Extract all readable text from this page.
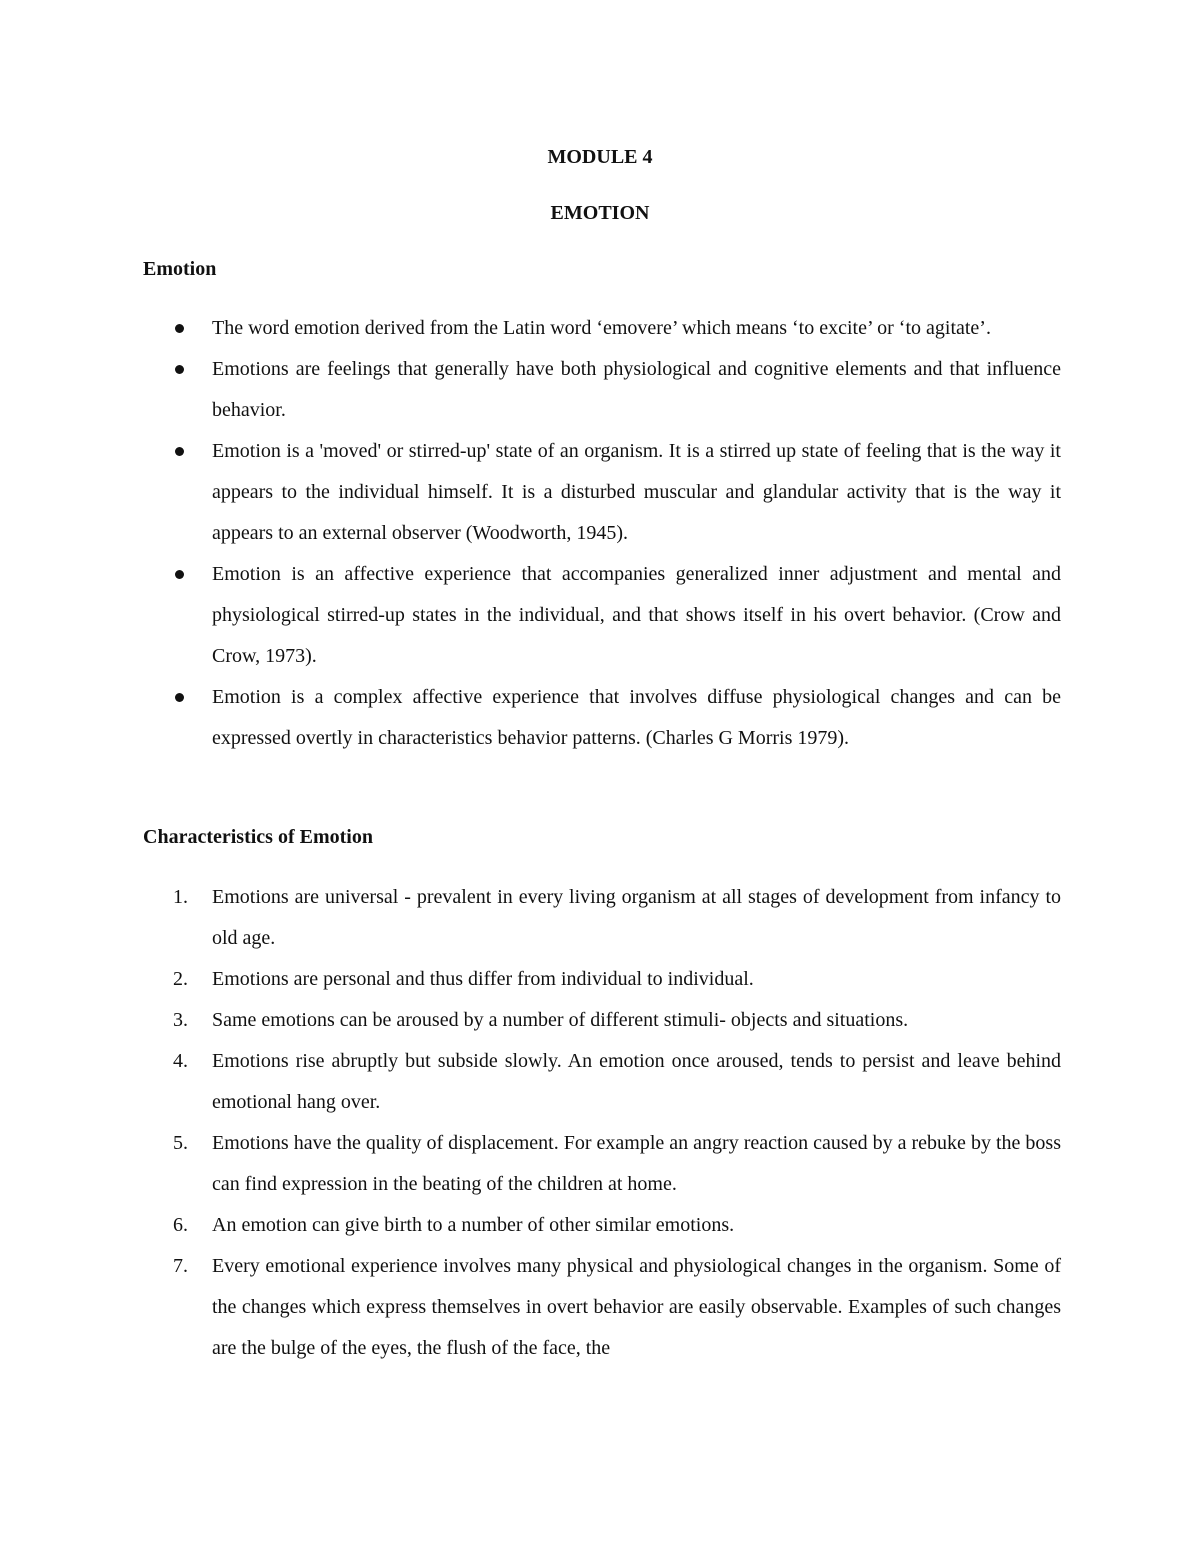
MODULE 4
EMOTION
Emotion
The word emotion derived from the Latin word ‘emovere’ which means ‘to excite’ or ‘to agitate’.
Emotions are feelings that generally have both physiological and cognitive elements and that influence behavior.
Emotion is a 'moved' or stirred-up' state of an organism. It is a stirred up state of feeling that is the way it appears to the individual himself. It is a disturbed muscular and glandular activity that is the way it appears to an external observer (Woodworth, 1945).
Emotion is an affective experience that accompanies generalized inner adjustment and mental and physiological stirred-up states in the individual, and that shows itself in his overt behavior. (Crow and Crow, 1973).
Emotion is a complex affective experience that involves diffuse physiological changes and can be expressed overtly in characteristics behavior patterns. (Charles G Morris 1979).
Characteristics of Emotion
1. Emotions are universal - prevalent in every living organism at all stages of development from infancy to old age.
2. Emotions are personal and thus differ from individual to individual.
3. Same emotions can be aroused by a number of different stimuli- objects and situations.
4. Emotions rise abruptly but subside slowly. An emotion once aroused, tends to persist and leave behind emotional hang over.
5. Emotions have the quality of displacement. For example an angry reaction caused by a rebuke by the boss can find expression in the beating of the children at home.
6. An emotion can give birth to a number of other similar emotions.
7. Every emotional experience involves many physical and physiological changes in the organism. Some of the changes which express themselves in overt behavior are easily observable. Examples of such changes are the bulge of the eyes, the flush of the face, the
